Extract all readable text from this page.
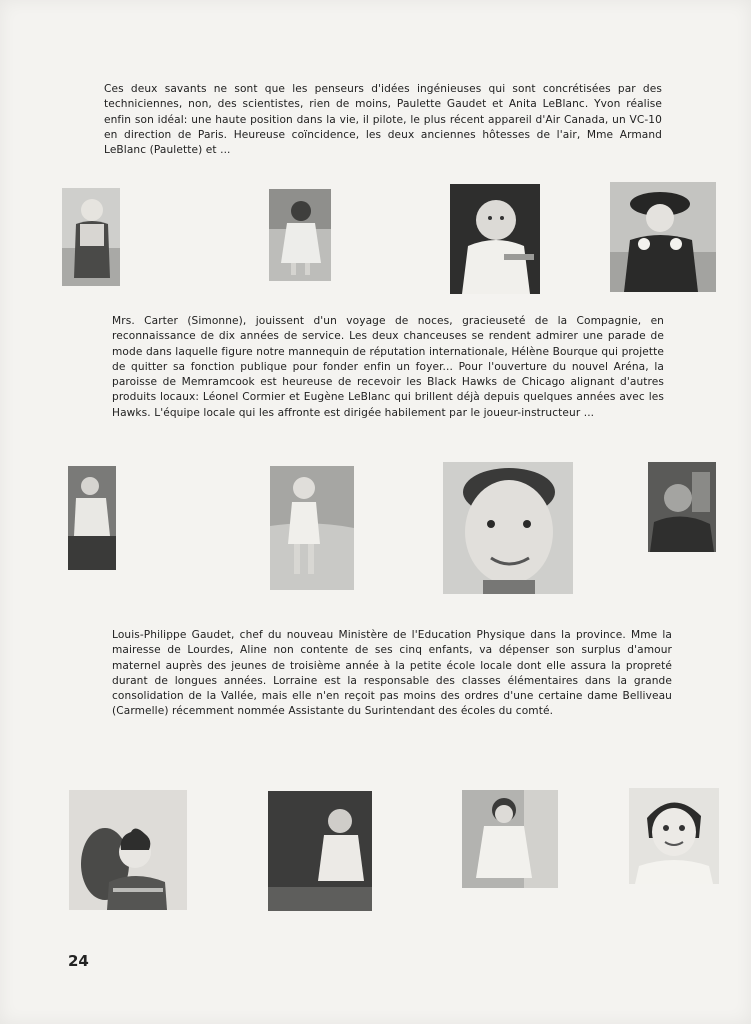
Ces deux savants ne sont que les penseurs d'idées ingénieuses qui sont concrétisées par des techniciennes, non, des scientistes, rien de moins, Paulette Gaudet et Anita LeBlanc. Yvon réalise enfin son idéal: une haute position dans la vie, il pilote, le plus récent appareil d'Air Canada, un VC-10 en direction de Paris. Heureuse coïncidence, les deux anciennes hôtesses de l'air, Mme Armand LeBlanc (Paulette) et ...

Mrs. Carter (Simonne), jouissent d'un voyage de noces, gracieuseté de la Compagnie, en reconnaissance de dix années de service. Les deux chanceuses se rendent admirer une parade de mode dans laquelle figure notre mannequin de réputation internationale, Hélène Bourque qui projette de quitter sa fonction publique pour fonder enfin un foyer... Pour l'ouverture du nouvel Aréna, la paroisse de Memramcook est heureuse de recevoir les Black Hawks de Chicago alignant d'autres produits locaux: Léonel Cormier et Eugène LeBlanc qui brillent déjà depuis quelques années avec les Hawks. L'équipe locale qui les affronte est dirigée habilement par le joueur-instructeur ...

Louis-Philippe Gaudet, chef du nouveau Ministère de l'Education Physique dans la province. Mme la mairesse de Lourdes, Aline non contente de ses cinq enfants, va dépenser son surplus d'amour maternel auprès des jeunes de troisième année à la petite école locale dont elle assura la propreté durant de longues années. Lorraine est la responsable des classes élémentaires dans la grande consolidation de la Vallée, mais elle n'en reçoit pas moins des ordres d'une certaine dame Belliveau (Carmelle) récemment nommée Assistante du Surintendant des écoles du comté.

24
